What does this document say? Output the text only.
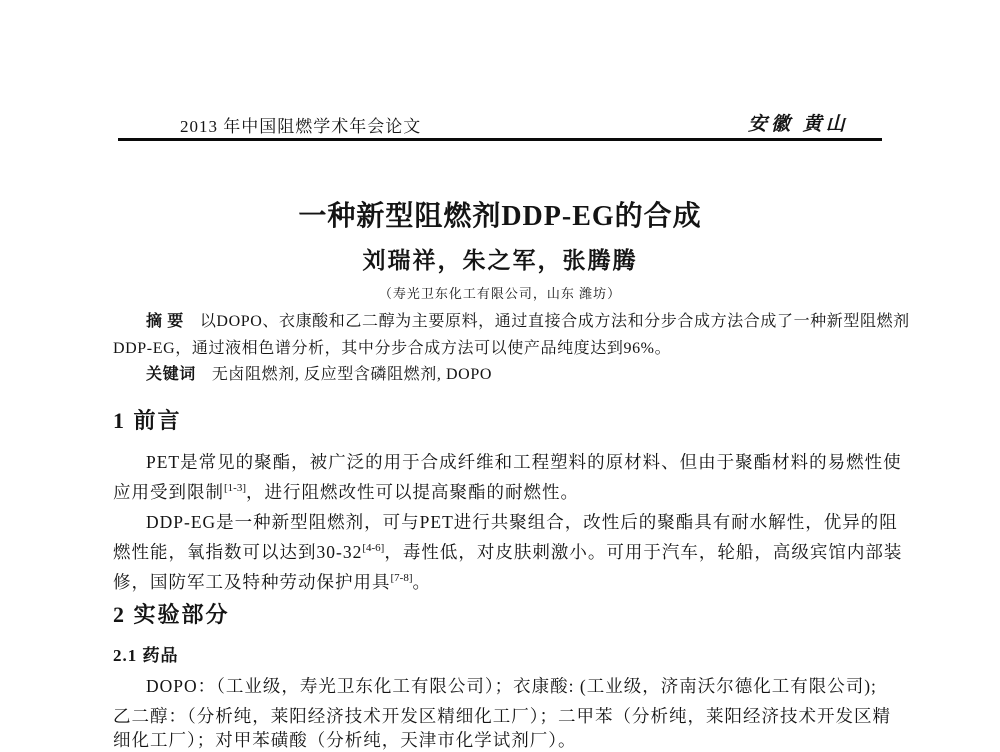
2013 年中国阻燃学术年会论文	安徽 黄山
一种新型阻燃剂DDP-EG的合成
刘瑞祥，朱之军，张腾腾
（寿光卫东化工有限公司，山东 潍坊）
摘 要 以DOPO、衣康酸和乙二醇为主要原料，通过直接合成方法和分步合成方法合成了一种新型阻燃剂
DDP-EG，通过液相色谱分析，其中分步合成方法可以使产品纯度达到96%。
关键词 无卤阻燃剂, 反应型含磷阻燃剂, DOPO
1 前言
PET是常见的聚酯，被广泛的用于合成纤维和工程塑料的原材料、但由于聚酯材料的易燃性使
应用受到限制[1-3]，进行阻燃改性可以提高聚酯的耐燃性。
DDP-EG是一种新型阻燃剂，可与PET进行共聚组合，改性后的聚酯具有耐水解性，优异的阻
燃性能，氧指数可以达到30-32[4-6]，毒性低，对皮肤刺激小。可用于汽车，轮船，高级宾馆内部装
修，国防军工及特种劳动保护用具[7-8]。
2 实验部分
2.1 药品
DOPO：（工业级，寿光卫东化工有限公司）；衣康酸: (工业级，济南沃尔德化工有限公司);
乙二醇：（分析纯，莱阳经济技术开发区精细化工厂）；二甲苯（分析纯，莱阳经济技术开发区精
细化工厂）；对甲苯磺酸（分析纯，天津市化学试剂厂）。
